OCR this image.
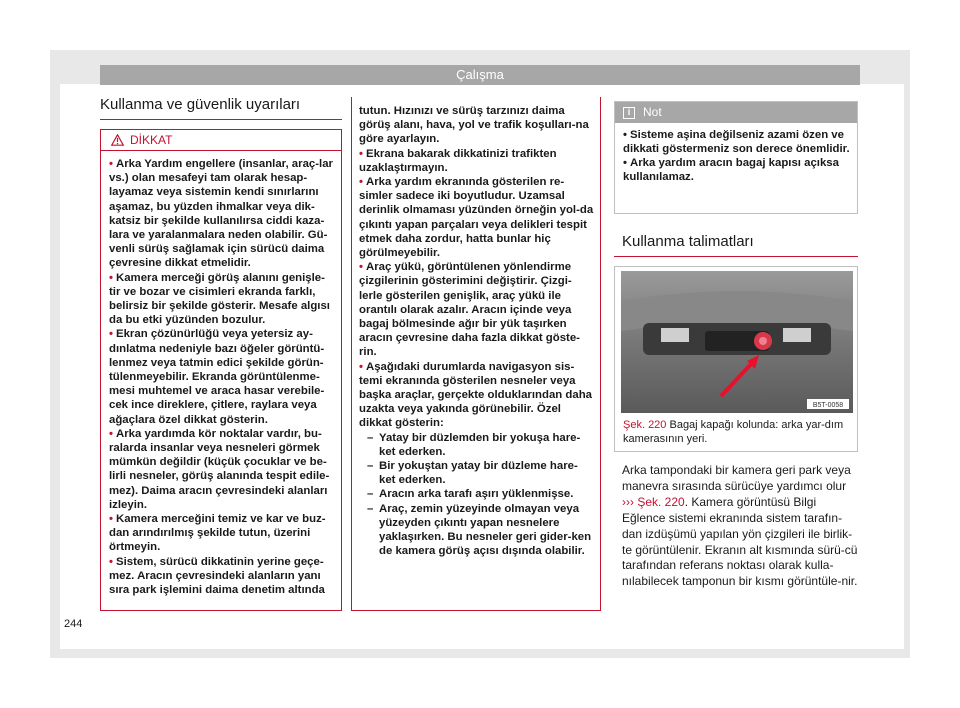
Çalışma
Kullanma ve güvenlik uyarıları
DİKKAT
• Arka Yardım engellere (insanlar, araç-lar vs.) olan mesafeyi tam olarak hesap-layamaz veya sistemin kendi sınırlarını aşamaz, bu yüzden ihmalkar veya dik-katsiz bir şekilde kullanılırsa ciddi kaza-lara ve yaralanmalara neden olabilir. Gü-venli sürüş sağlamak için sürücü daima çevresine dikkat etmelidir.
• Kamera merceği görüş alanını genişle-tir ve bozar ve cisimleri ekranda farklı, belirsiz bir şekilde gösterir. Mesafe algısı da bu etki yüzünden bozulur.
• Ekran çözünürlüğü veya yetersiz ay-dınlatma nedeniyle bazı öğeler görüntü-lenmez veya tatmin edici şekilde görün-tülenmeyebilir. Ekranda görüntülenme-mesi muhtemel ve araca hasar verebile-cek ince direklere, çitlere, raylara veya ağaçlara özel dikkat gösterin.
• Arka yardımda kör noktalar vardır, bu-ralarda insanlar veya nesneleri görmek mümkün değildir (küçük çocuklar ve be-lirli nesneler, görüş alanında tespit edile-mez). Daima aracın çevresindeki alanları izleyin.
• Kamera merceğini temiz ve kar ve buz-dan arındırılmış şekilde tutun, üzerini örtmeyin.
• Sistem, sürücü dikkatinin yerine geçe-mez. Aracın çevresindeki alanların yanı sıra park işlemini daima denetim altında
tutun. Hızınızı ve sürüş tarzınızı daima görüş alanı, hava, yol ve trafik koşulları-na göre ayarlayın.
• Ekrana bakarak dikkatinizi trafikten uzaklaştırmayın.
• Arka yardım ekranında gösterilen re-simler sadece iki boyutludur. Uzamsal derinlik olmaması yüzünden örneğin yol-da çıkıntı yapan parçaları veya delikleri tespit etmek daha zordur, hatta bunlar hiç görülmeyebilir.
• Araç yükü, görüntülenen yönlendirme çizgilerinin gösterimini değiştirir. Çizgi-lerle gösterilen genişlik, araç yükü ile orantılı olarak azalır. Aracın içinde veya bagaj bölmesinde ağır bir yük taşırken aracın çevresine daha fazla dikkat göste-rin.
• Aşağıdaki durumlarda navigasyon sis-temi ekranında gösterilen nesneler veya başka araçlar, gerçekte olduklarından daha uzakta veya yakında görünebilir. Özel dikkat gösterin:
– Yatay bir düzlemden bir yokuşa hare-ket ederken.
– Bir yokuştan yatay bir düzleme hare-ket ederken.
– Aracın arka tarafı aşırı yüklenmişse.
– Araç, zemin yüzeyinde olmayan veya yüzeyden çıkıntı yapan nesnelere yaklaşırken. Bu nesneler geri gider-ken de kamera görüş açısı dışında olabilir.
i	Not
• Sisteme aşina değilseniz azami özen ve dikkati göstermeniz son derece önemlidir.
• Arka yardım aracın bagaj kapısı açıksa kullanılamaz.
Kullanma talimatları
B5T-0058
Şek. 220 Bagaj kapağı kolunda: arka yar-dım kamerasının yeri.
Arka tampondaki bir kamera geri park veya manevra sırasında sürücüye yardımcı olur ››› Şek. 220. Kamera görüntüsü Bilgi Eğlence sistemi ekranında sistem tarafın-dan izdüşümü yapılan yön çizgileri ile birlik-te görüntülenir. Ekranın alt kısmında sürü-cü tarafından referans noktası olarak kulla-nılabilecek tamponun bir kısmı görüntüle-nir.
244
